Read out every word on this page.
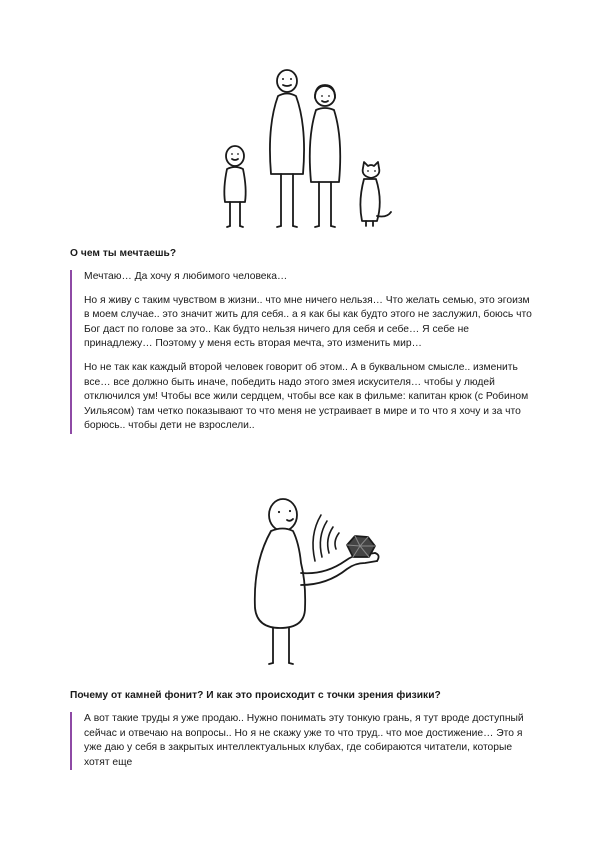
О чем ты мечтаешь?

Мечтаю… Да хочу я любимого человека…

Но я живу с таким чувством в жизни.. что мне ничего нельзя… Что желать семью, это эгоизм в моем случае.. это значит жить для себя.. а я как бы как будто этого не заслужил, боюсь что Бог даст по голове за это.. Как будто нельзя ничего для себя и себе… Я себе не принадлежу… Поэтому у меня есть вторая мечта, это изменить мир…

Но не так как каждый второй человек говорит об этом.. А в буквальном смысле.. изменить все… все должно быть иначе, победить надо этого змея искусителя… чтобы у людей отключился ум! Чтобы все жили сердцем, чтобы все как в фильме: капитан крюк (с Робином Уильясом) там четко показывают то что меня не устраивает в мире и то что я хочу и за что борюсь.. чтобы дети не взрослели..

Почему от камней фонит? И как это происходит с точки зрения физики?

А вот такие труды я уже продаю.. Нужно понимать эту тонкую грань, я тут вроде доступный сейчас и отвечаю на вопросы.. Но я не скажу уже то что труд.. что мое достижение… Это я уже даю у себя в закрытых интеллектуальных клубах, где собираются читатели, которые хотят еще
